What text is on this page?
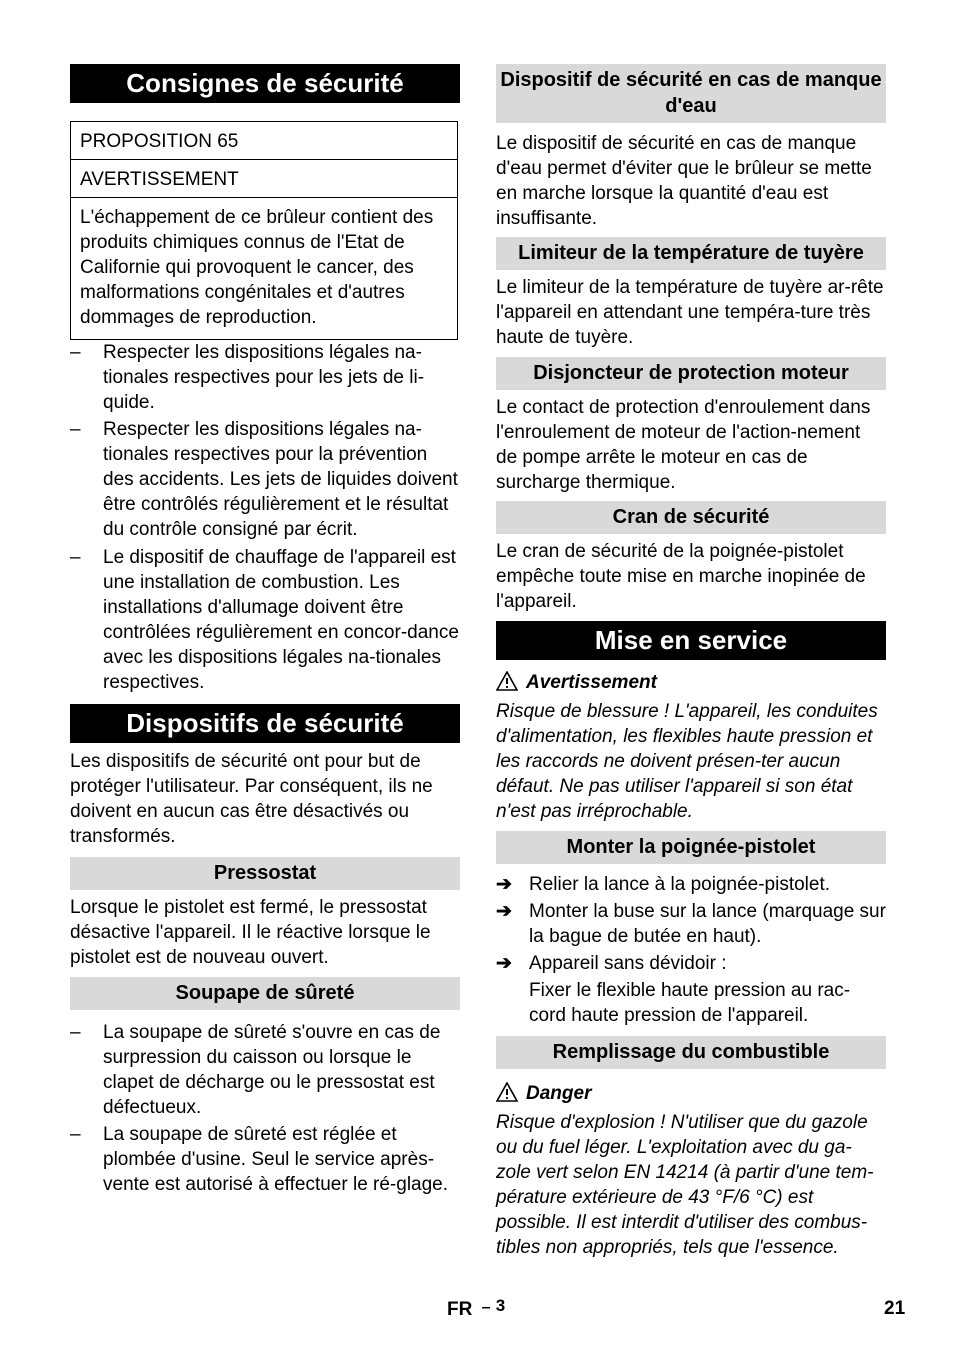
Consignes de sécurité
PROPOSITION 65
AVERTISSEMENT
L'échappement de ce brûleur contient des produits chimiques connus de l'Etat de Californie qui provoquent le cancer, des malformations congénitales et d'autres dommages de reproduction.
–	Respecter les dispositions légales na-tionales respectives pour les jets de li-quide.
–	Respecter les dispositions légales na-tionales respectives pour la prévention des accidents. Les jets de liquides doivent être contrôlés régulièrement et le résultat du contrôle consigné par écrit.
–	Le dispositif de chauffage de l'appareil est une installation de combustion. Les installations d'allumage doivent être contrôlées régulièrement en concor-dance avec les dispositions légales na-tionales respectives.
Dispositifs de sécurité

Les dispositifs de sécurité ont pour but de protéger l'utilisateur. Par conséquent, ils ne doivent en aucun cas être désactivés ou transformés.

Pressostat

Lorsque le pistolet est fermé, le pressostat désactive l'appareil. Il le réactive lorsque le pistolet est de nouveau ouvert.

Soupape de sûreté
–	La soupape de sûreté s'ouvre en cas de surpression du caisson ou lorsque le clapet de décharge ou le pressostat est défectueux.
–	La soupape de sûreté est réglée et plombée d'usine. Seul le service après-vente est autorisé à effectuer le ré-glage.
Dispositif de sécurité en cas de manque d'eau

Le dispositif de sécurité en cas de manque d'eau permet d'éviter que le brûleur se mette en marche lorsque la quantité d'eau est insuffisante.

Limiteur de la température de tuyère

Le limiteur de la température de tuyère ar-rête l'appareil en attendant une tempéra-ture très haute de tuyère.

Disjoncteur de protection moteur

Le contact de protection d'enroulement dans l'enroulement de moteur de l'action-nement de pompe arrête le moteur en cas de surcharge thermique.

Cran de sécurité

Le cran de sécurité de la poignée-pistolet empêche toute mise en marche inopinée de l'appareil.

Mise en service
Avertissement

Risque de blessure ! L'appareil, les conduites d'alimentation, les flexibles haute pression et les raccords ne doivent présen-ter aucun défaut. Ne pas utiliser l'appareil si son état n'est pas irréprochable.

Monter la poignée-pistolet
➔ Relier la lance à la poignée-pistolet.
➔ Monter la buse sur la lance (marquage sur la bague de butée en haut).
➔ Appareil sans dévidoir :

Fixer le flexible haute pression au rac-cord haute pression de l'appareil.

Remplissage du combustible
Danger

Risque d'explosion ! N'utiliser que du gazole ou du fuel léger. L'exploitation avec du ga-zole vert selon EN 14214 (à partir d'une tem-pérature extérieure de 43 °F/6 °C) est possible. Il est interdit d'utiliser des combus-tibles non appropriés, tels que l'essence.

FR – 3	21
